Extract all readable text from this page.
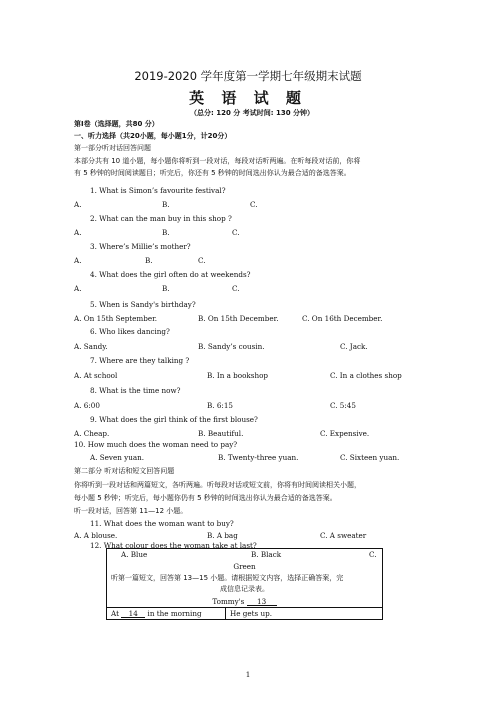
2019-2020 学年度第一学期七年级期末试题
英 语 试 题
（总分: 120 分 考试时间: 130 分钟）
第Ⅰ卷（选择题，共80 分）
一、听力选择（共20小题，每小题1分，计20分）
第一部分听对话回答问题
本部分共有 10 道小题，每小题你将听到一段对话，每段对话听两遍。在听每段对话前，你将
有 5 秒钟的时间阅读题目；听完后，你还有 5 秒钟的时间选出你认为最合适的备选答案。
1. What is Simon’s favourite festival?
A.	B.	C.
2. What can the man buy in this shop ?
A.	B.	C.
3. Where’s Millie’s mother?
A.	B.	C.
4. What does the girl often do at weekends?
A.	B.	C.
5. When is Sandy's birthday?
A. On 15th September.	B. On 15th December.	C. On 16th December.
6. Who likes dancing?
A. Sandy.	B. Sandy’s cousin.	C. Jack.
7. Where are they talking ?
A. At school	B. In a bookshop	C. In a clothes shop
8. What is the time now?
A. 6:00	B. 6:15	C. 5:45
9. What does the girl think of the first blouse?
A. Cheap.	B. Beautiful.	C. Expensive.
10. How much does the woman need to pay?
A. Seven yuan.	B. Twenty-three yuan.	C. Sixteen yuan.
第二部分 听对话和短文回答问题
你将听到一段对话和两篇短文，各听两遍。听每段对话或短文前，你将有时间阅读相关小题，
每小题 5 秒钟；听完后，每小题你仍有 5 秒钟的时间选出你认为最合适的备选答案。
听一段对话，回答第 11—12 小题。
11. What does the woman want to buy?
A. A blouse.	B. A bag	C. A sweater
12. What colour does the woman take at last?
A. Blue	B. Black	C.
Green
听第一篇短文，回答第 13—15 小题。请根据短文内容，选择正确答案，完
成信息记录表。
Tommy's 13

At 14 in the morning	He gets up.
1
